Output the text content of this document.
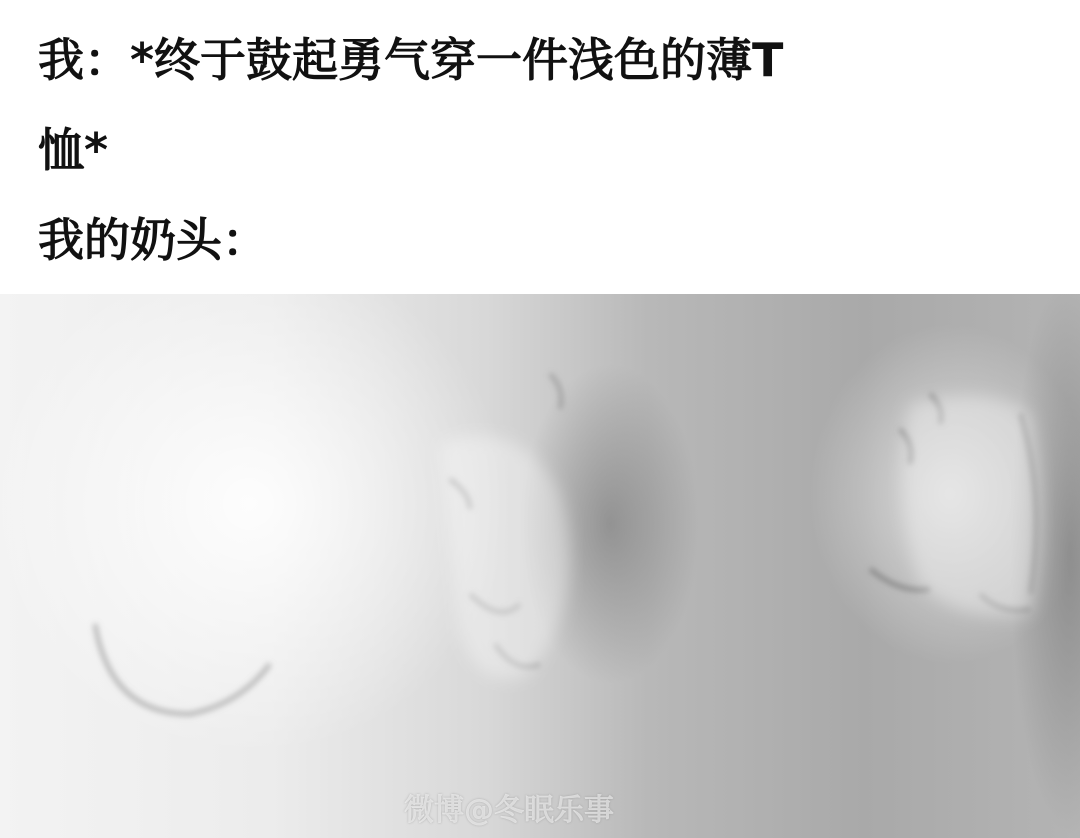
我：*终于鼓起勇气穿一件浅色的薄T

恤*

我的奶头：

微博@冬眠乐事
